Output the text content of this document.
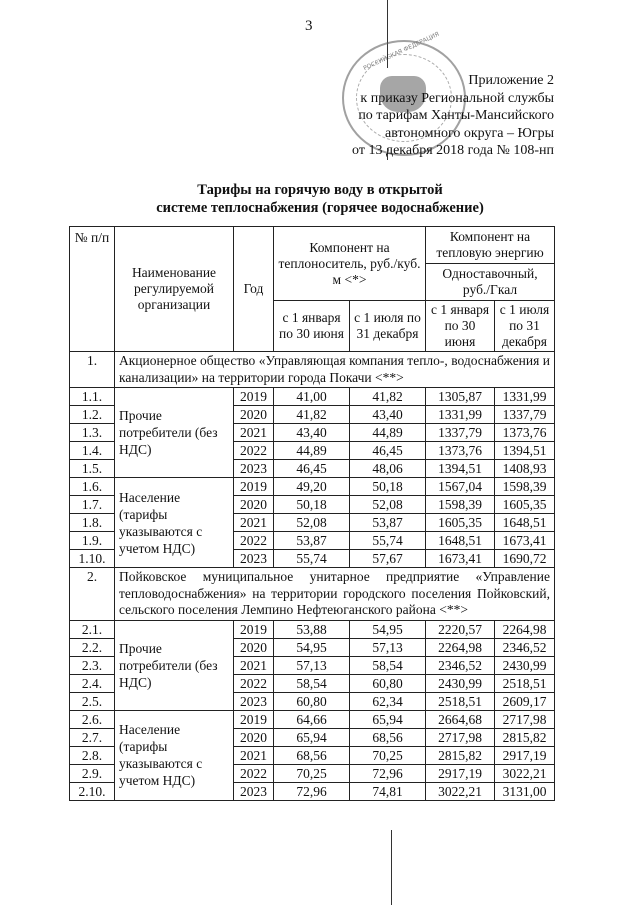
3
РОССИЙСКАЯ ФЕДЕРАЦИЯ
Приложение 2
к приказу Региональной службы
по тарифам Ханты-Мансийского
автономного округа – Югры
от 13 декабря 2018 года № 108-нп
Тарифы на горячую воду в открытой
системе теплоснабжения (горячее водоснабжение)
№ п/п	Наименование регулируемой организации	Год	Компонент на теплоноситель, руб./куб. м <*>		Компонент на тепловую энергию	
					Одноставочный, руб./Гкал	
			с 1 января по 30 июня	с 1 июля по 31 декабря	с 1 января по 30 июня	с 1 июля по 31 декабря
1.	Акционерное общество «Управляющая компания тепло-, водоснабжения и канализации» на территории города Покачи <**>					
1.1.	Прочие потребители (без НДС)	2019	41,00	41,82	1305,87	1331,99
1.2.		2020	41,82	43,40	1331,99	1337,79
1.3.		2021	43,40	44,89	1337,79	1373,76
1.4.		2022	44,89	46,45	1373,76	1394,51
1.5.		2023	46,45	48,06	1394,51	1408,93
1.6.	Население (тарифы указываются с учетом НДС)	2019	49,20	50,18	1567,04	1598,39
1.7.		2020	50,18	52,08	1598,39	1605,35
1.8.		2021	52,08	53,87	1605,35	1648,51
1.9.		2022	53,87	55,74	1648,51	1673,41
1.10.		2023	55,74	57,67	1673,41	1690,72
2.	Пойковское муниципальное унитарное предприятие «Управление тепловодоснабжения» на территории городского поселения Пойковский, сельского поселения Лемпино Нефтеюганского района <**>					
2.1.	Прочие потребители (без НДС)	2019	53,88	54,95	2220,57	2264,98
2.2.		2020	54,95	57,13	2264,98	2346,52
2.3.		2021	57,13	58,54	2346,52	2430,99
2.4.		2022	58,54	60,80	2430,99	2518,51
2.5.		2023	60,80	62,34	2518,51	2609,17
2.6.	Население (тарифы указываются с учетом НДС)	2019	64,66	65,94	2664,68	2717,98
2.7.		2020	65,94	68,56	2717,98	2815,82
2.8.		2021	68,56	70,25	2815,82	2917,19
2.9.		2022	70,25	72,96	2917,19	3022,21
2.10.		2023	72,96	74,81	3022,21	3131,00
